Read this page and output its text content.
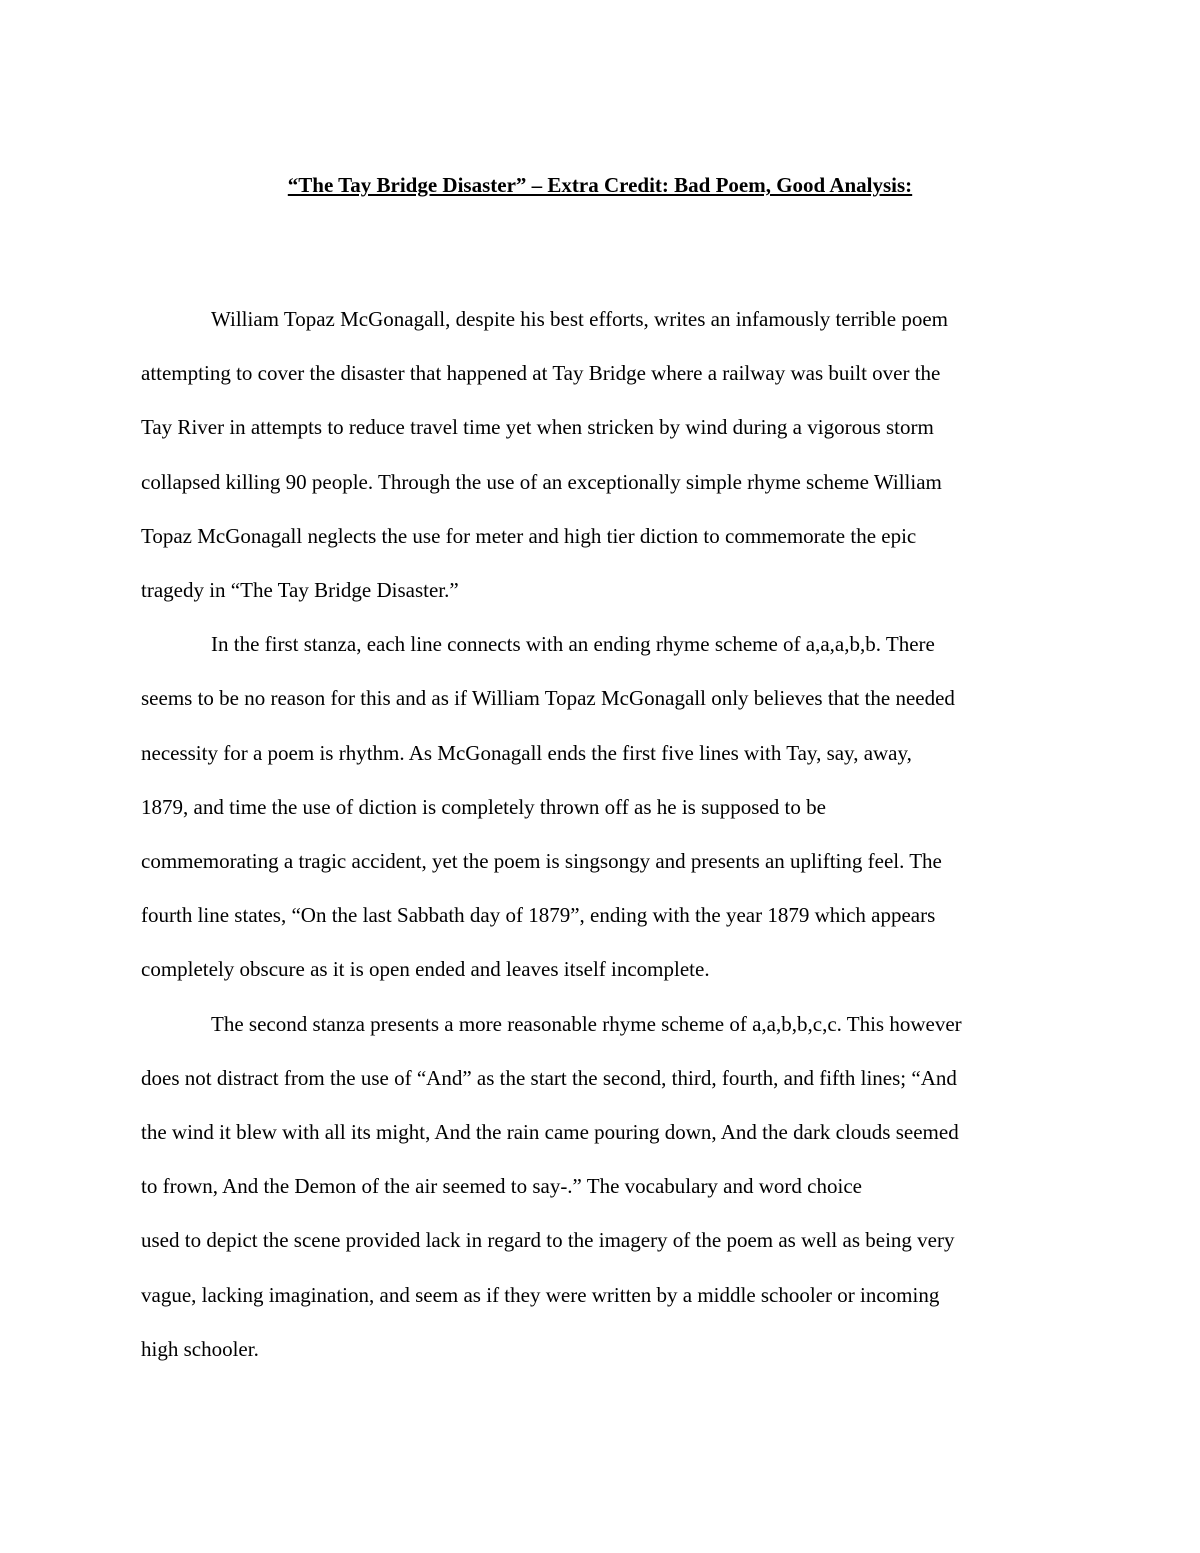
“The Tay Bridge Disaster” – Extra Credit: Bad Poem, Good Analysis:

William Topaz McGonagall, despite his best efforts, writes an infamously terrible poem
attempting to cover the disaster that happened at Tay Bridge where a railway was built over the
Tay River in attempts to reduce travel time yet when stricken by wind during a vigorous storm
collapsed killing 90 people. Through the use of an exceptionally simple rhyme scheme William
Topaz McGonagall neglects the use for meter and high tier diction to commemorate the epic
tragedy in “The Tay Bridge Disaster.”

In the first stanza, each line connects with an ending rhyme scheme of a,a,a,b,b. There
seems to be no reason for this and as if William Topaz McGonagall only believes that the needed
necessity for a poem is rhythm. As McGonagall ends the first five lines with Tay, say, away,
1879, and time the use of diction is completely thrown off as he is supposed to be
commemorating a tragic accident, yet the poem is singsongy and presents an uplifting feel. The
fourth line states, “On the last Sabbath day of 1879”, ending with the year 1879 which appears
completely obscure as it is open ended and leaves itself incomplete.

The second stanza presents a more reasonable rhyme scheme of a,a,b,b,c,c. This however
does not distract from the use of “And” as the start the second, third, fourth, and fifth lines; “And
the wind it blew with all its might, And the rain came pouring down, And the dark clouds seemed
to frown, And the Demon of the air seemed to say-.” The vocabulary and word choice
used to depict the scene provided lack in regard to the imagery of the poem as well as being very
vague, lacking imagination, and seem as if they were written by a middle schooler or incoming
high schooler.
